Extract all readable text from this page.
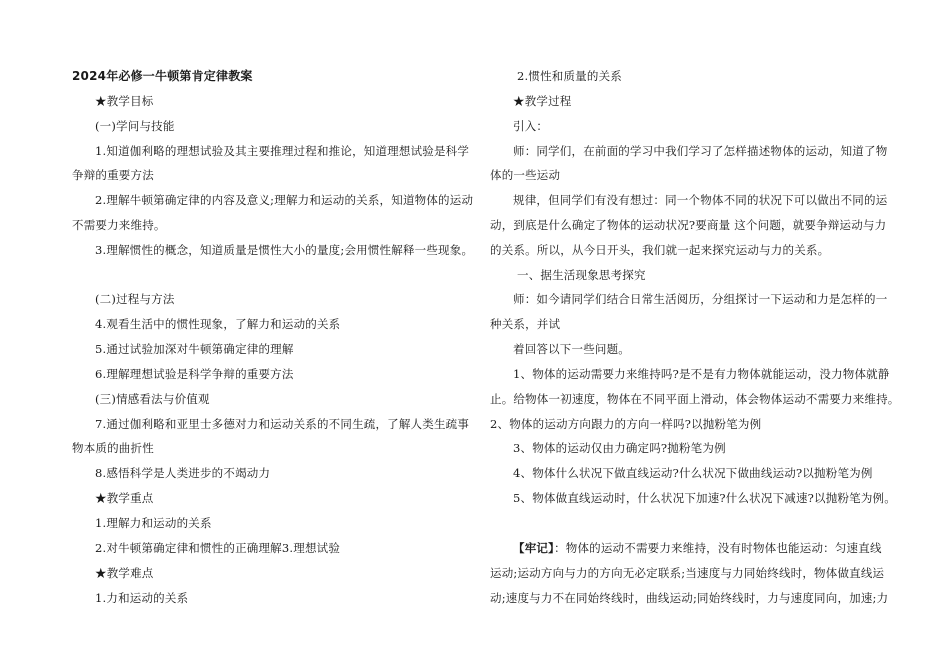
2024年必修一牛顿第肯定律教案
★教学目标
(一)学问与技能
1.知道伽利略的理想试验及其主要推理过程和推论，知道理想试验是科学
争辩的重要方法
2.理解牛顿第确定律的内容及意义;理解力和运动的关系，知道物体的运动
不需要力来维持。
3.理解惯性的概念，知道质量是惯性大小的量度;会用惯性解释一些现象。
(二)过程与方法
4.观看生活中的惯性现象，了解力和运动的关系
5.通过试验加深对牛顿第确定律的理解
6.理解理想试验是科学争辩的重要方法
(三)情感看法与价值观
7.通过伽利略和亚里士多德对力和运动关系的不同生疏，了解人类生疏事
物本质的曲折性
8.感悟科学是人类进步的不竭动力
★教学重点
1.理解力和运动的关系
2.对牛顿第确定律和惯性的正确理解3.理想试验
★教学难点
1.力和运动的关系
2.惯性和质量的关系
★教学过程
引入：
师：同学们，在前面的学习中我们学习了怎样描述物体的运动，知道了物
体的一些运动
规律，但同学们有没有想过：同一个物体不同的状况下可以做出不同的运
动，到底是什么确定了物体的运动状况?要商量 这个问题，就要争辩运动与力
的关系。所以，从今日开头，我们就一起来探究运动与力的关系。
一、据生活现象思考探究
师：如今请同学们结合日常生活阅历，分组探讨一下运动和力是怎样的一
种关系，并试
着回答以下一些问题。
1、物体的运动需要力来维持吗?是不是有力物体就能运动，没力物体就静
止。给物体一初速度，物体在不同平面上滑动，体会物体运动不需要力来维持。
2、物体的运动方向跟力的方向一样吗?以抛粉笔为例
3、物体的运动仅由力确定吗?抛粉笔为例
4、物体什么状况下做直线运动?什么状况下做曲线运动?以抛粉笔为例
5、物体做直线运动时，什么状况下加速?什么状况下减速?以抛粉笔为例。
【牢记】：物体的运动不需要力来维持，没有时物体也能运动：匀速直线
运动;运动方向与力的方向无必定联系;当速度与力同始终线时，物体做直线运
动;速度与力不在同始终线时，曲线运动;同始终线时，力与速度同向，加速;力
